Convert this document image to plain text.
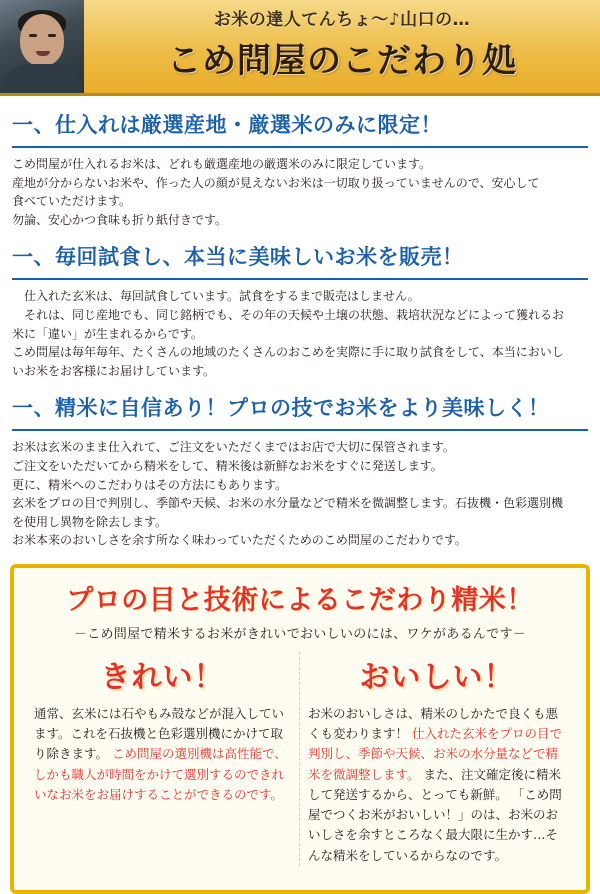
お米の達人てんちょ～♪山口の…
こめ問屋のこだわり処
一、仕入れは厳選産地・厳選米のみに限定！

こめ問屋が仕入れるお米は、どれも厳選産地の厳選米のみに限定しています。

産地が分からないお米や、作った人の顔が見えないお米は一切取り扱っていませんので、安心して

食べていただけます。

勿論、安心かつ食味も折り紙付きです。

一、毎回試食し、本当に美味しいお米を販売！

仕入れた玄米は、毎回試食しています。試食をするまで販売はしません。

それは、同じ産地でも、同じ銘柄でも、その年の天候や土壌の状態、栽培状況などによって獲れるお

米に「違い」が生まれるからです。

こめ問屋は毎年毎年、たくさんの地域のたくさんのおこめを実際に手に取り試食をして、本当においし

いお米をお客様にお届けしています。

一、精米に自信あり！プロの技でお米をより美味しく！

お米は玄米のまま仕入れて、ご注文をいただくまではお店で大切に保管されます。

ご注文をいただいてから精米をして、精米後は新鮮なお米をすぐに発送します。

更に、精米へのこだわりはその方法にもあります。

玄米をプロの目で判別し、季節や天候、お米の水分量などで精米を微調整します。石抜機・色彩選別機

を使用し異物を除去します。

お米本来のおいしさを余す所なく味わっていただくためのこめ問屋のこだわりです。

プロの目と技術によるこだわり精米！
－こめ問屋で精米するお米がきれいでおいしいのには、ワケがあるんです－
きれい！
通常、玄米には石やもみ殻などが混入しています。これを石抜機と色彩選別機にかけて取り除きます。 こめ問屋の選別機は高性能で、しかも職人が時間をかけて選別するのできれいなお米をお届けすることができるのです。
おいしい！
お米のおいしさは、精米のしかたで良くも悪くも変わります！ 仕入れた玄米をプロの目で判別し、季節や天候、お米の水分量などで精米を微調整します。 また、注文確定後に精米して発送するから、とっても新鮮。 「こめ問屋でつくお米がおいしい！」のは、お米のおいしさを余すところなく最大限に生かす…そんな精米をしているからなのです。
